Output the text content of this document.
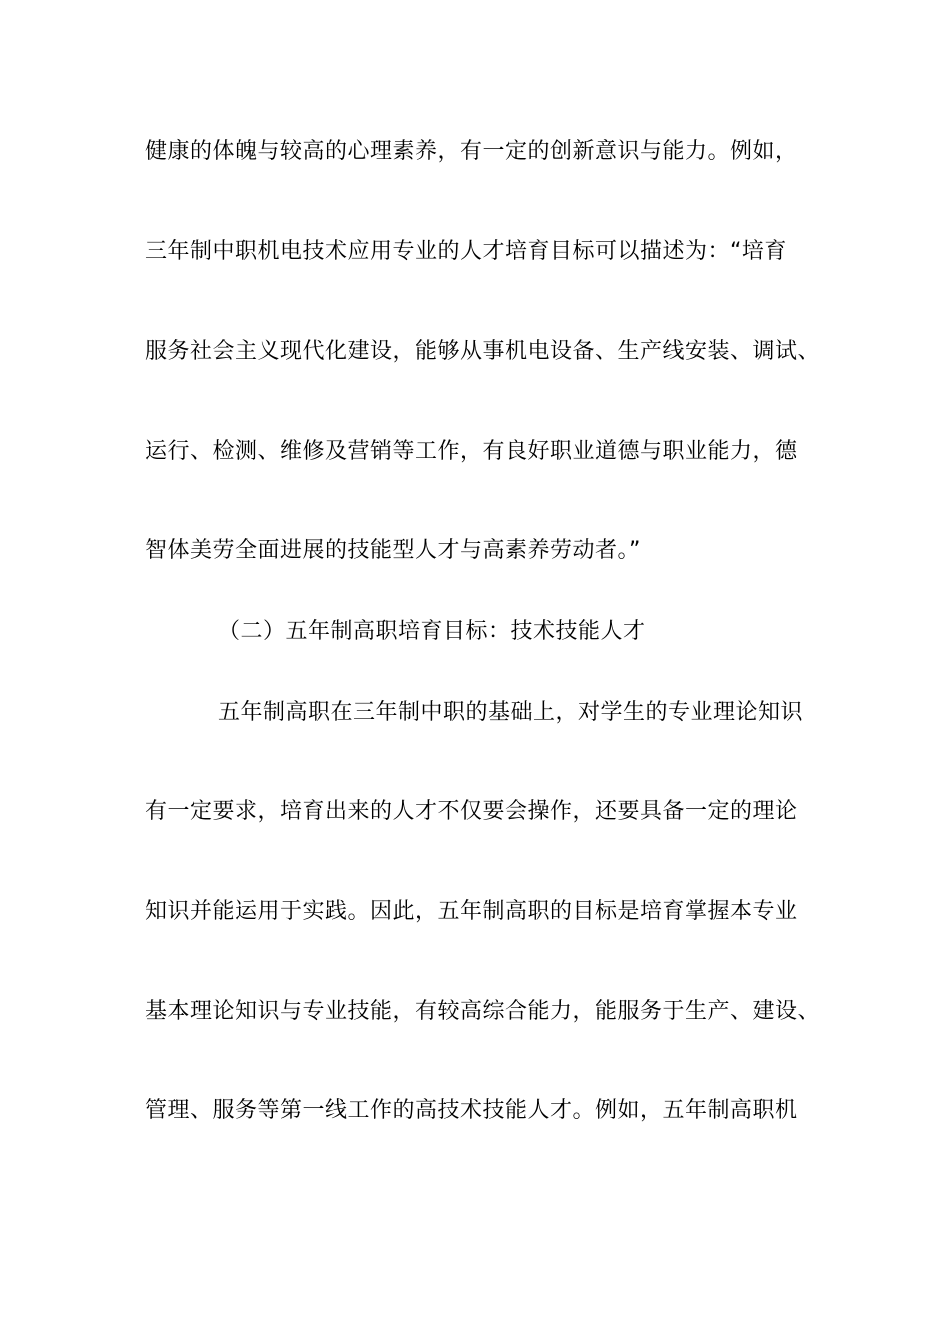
健康的体魄与较高的心理素养，有一定的创新意识与能力。例如，
三年制中职机电技术应用专业的人才培育目标可以描述为：“培育
服务社会主义现代化建设，能够从事机电设备、生产线安装、调试、
运行、检测、维修及营销等工作，有良好职业道德与职业能力，德
智体美劳全面进展的技能型人才与高素养劳动者。”
（二）五年制高职培育目标：技术技能人才
五年制高职在三年制中职的基础上，对学生的专业理论知识
有一定要求，培育出来的人才不仅要会操作，还要具备一定的理论
知识并能运用于实践。因此，五年制高职的目标是培育掌握本专业
基本理论知识与专业技能，有较高综合能力，能服务于生产、建设、
管理、服务等第一线工作的高技术技能人才。例如，五年制高职机
